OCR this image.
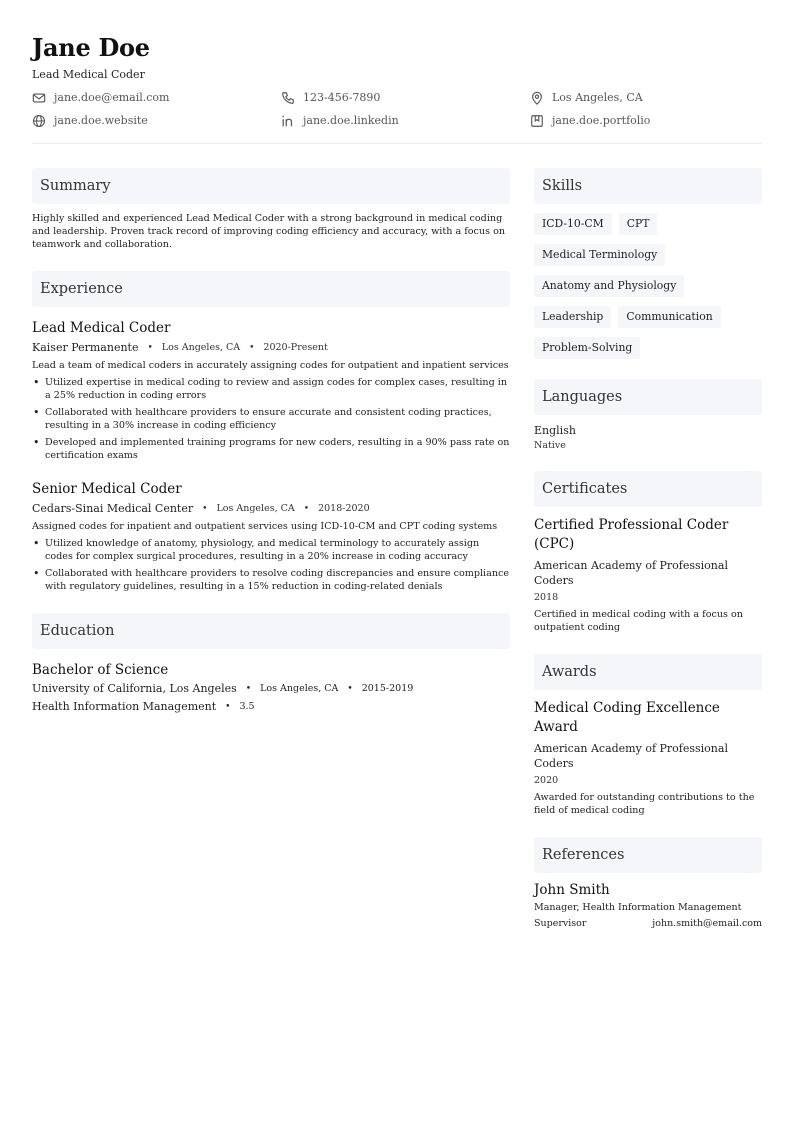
Jane Doe
Lead Medical Coder
jane.doe@email.com	123-456-7890	Los Angeles, CA
jane.doe.website	jane.doe.linkedin	jane.doe.portfolio
Summary

Highly skilled and experienced Lead Medical Coder with a strong background in medical coding and leadership. Proven track record of improving coding efficiency and accuracy, with a focus on teamwork and collaboration.

Experience
Lead Medical Coder
Kaiser Permanente • Los Angeles, CA • 2020-Present
Lead a team of medical coders in accurately assigning codes for outpatient and inpatient services
• Utilized expertise in medical coding to review and assign codes for complex cases, resulting in a 25% reduction in coding errors
• Collaborated with healthcare providers to ensure accurate and consistent coding practices, resulting in a 30% increase in coding efficiency
• Developed and implemented training programs for new coders, resulting in a 90% pass rate on certification exams
Senior Medical Coder
Cedars-Sinai Medical Center • Los Angeles, CA • 2018-2020
Assigned codes for inpatient and outpatient services using ICD-10-CM and CPT coding systems
• Utilized knowledge of anatomy, physiology, and medical terminology to accurately assign codes for complex surgical procedures, resulting in a 20% increase in coding accuracy
• Collaborated with healthcare providers to resolve coding discrepancies and ensure compliance with regulatory guidelines, resulting in a 15% reduction in coding-related denials
Education
Bachelor of Science
University of California, Los Angeles • Los Angeles, CA • 2015-2019
Health Information Management • 3.5
Skills
ICD-10-CM	CPT
Medical Terminology
Anatomy and Physiology
Leadership	Communication
Problem-Solving
Languages
English
Native
Certificates
Certified Professional Coder (CPC)
American Academy of Professional Coders
2018
Certified in medical coding with a focus on outpatient coding
Awards
Medical Coding Excellence Award
American Academy of Professional Coders
2020
Awarded for outstanding contributions to the field of medical coding
References
John Smith
Manager, Health Information Management
Supervisor	john.smith@email.com
